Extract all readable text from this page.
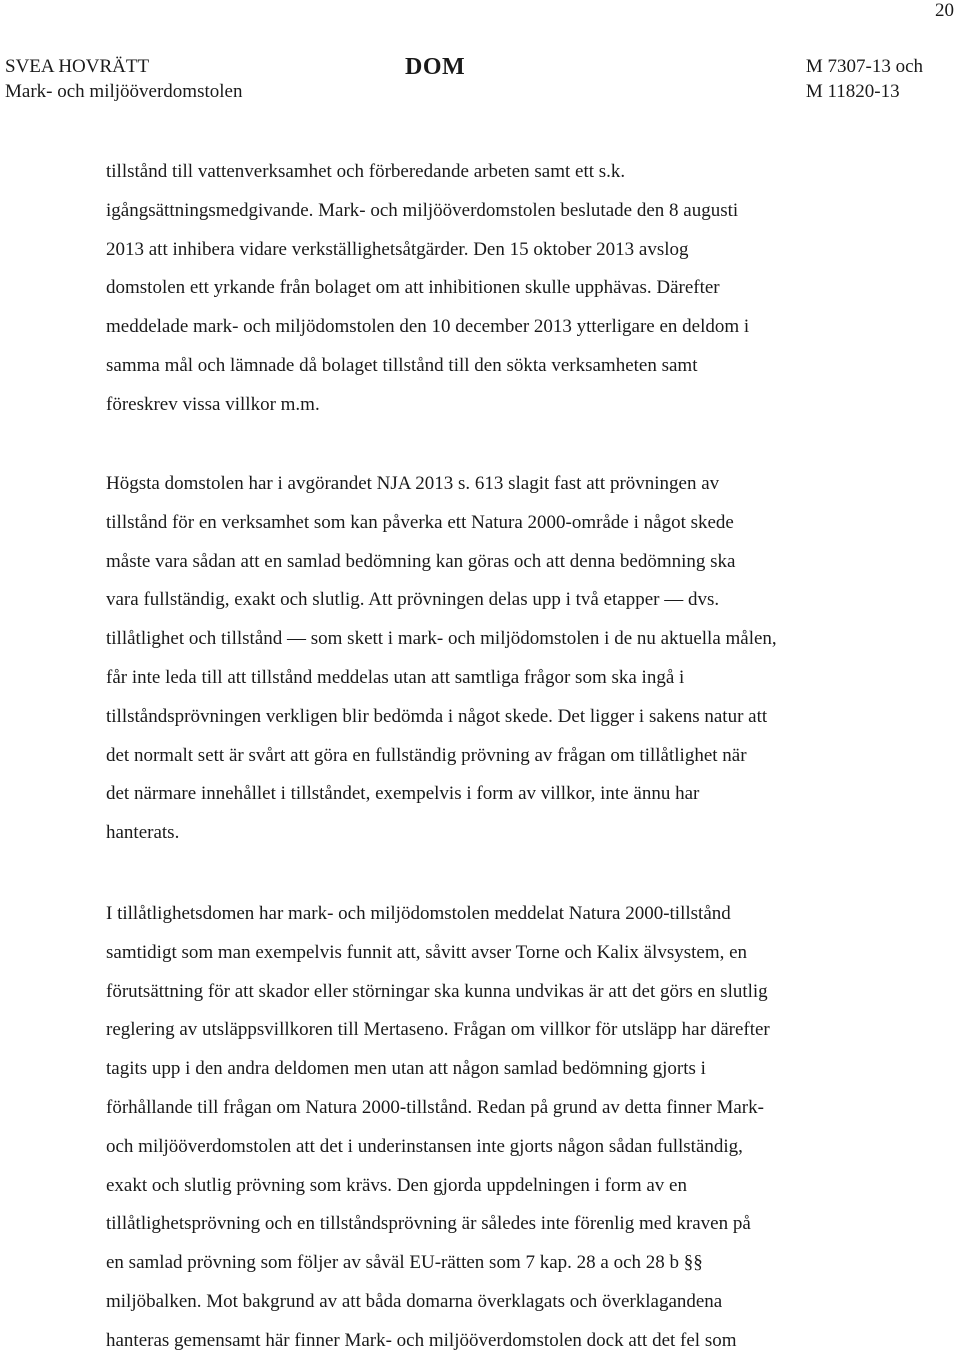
20
SVEA HOVRÄTT
Mark- och miljööverdomstolen
DOM	M 7307-13 och
M 11820-13
tillstånd till vattenverksamhet och förberedande arbeten samt ett s.k.
igångsättningsmedgivande. Mark- och miljööverdomstolen beslutade den 8 augusti
2013 att inhibera vidare verkställighetsåtgärder. Den 15 oktober 2013 avslog
domstolen ett yrkande från bolaget om att inhibitionen skulle upphävas. Därefter
meddelade mark- och miljödomstolen den 10 december 2013 ytterligare en deldom i
samma mål och lämnade då bolaget tillstånd till den sökta verksamheten samt
föreskrev vissa villkor m.m.
Högsta domstolen har i avgörandet NJA 2013 s. 613 slagit fast att prövningen av
tillstånd för en verksamhet som kan påverka ett Natura 2000-område i något skede
måste vara sådan att en samlad bedömning kan göras och att denna bedömning ska
vara fullständig, exakt och slutlig. Att prövningen delas upp i två etapper — dvs.
tillåtlighet och tillstånd — som skett i mark- och miljödomstolen i de nu aktuella målen,
får inte leda till att tillstånd meddelas utan att samtliga frågor som ska ingå i
tillståndsprövningen verkligen blir bedömda i något skede. Det ligger i sakens natur att
det normalt sett är svårt att göra en fullständig prövning av frågan om tillåtlighet när
det närmare innehållet i tillståndet, exempelvis i form av villkor, inte ännu har
hanterats.
I tillåtlighetsdomen har mark- och miljödomstolen meddelat Natura 2000-tillstånd
samtidigt som man exempelvis funnit att, såvitt avser Torne och Kalix älvsystem, en
förutsättning för att skador eller störningar ska kunna undvikas är att det görs en slutlig
reglering av utsläppsvillkoren till Mertaseno. Frågan om villkor för utsläpp har därefter
tagits upp i den andra deldomen men utan att någon samlad bedömning gjorts i
förhållande till frågan om Natura 2000-tillstånd. Redan på grund av detta finner Mark-
och miljööverdomstolen att det i underinstansen inte gjorts någon sådan fullständig,
exakt och slutlig prövning som krävs. Den gjorda uppdelningen i form av en
tillåtlighetsprövning och en tillståndsprövning är således inte förenlig med kraven på
en samlad prövning som följer av såväl EU-rätten som 7 kap. 28 a och 28 b §§
miljöbalken. Mot bakgrund av att båda domarna överklagats och överklagandena
hanteras gemensamt här finner Mark- och miljööverdomstolen dock att det fel som
